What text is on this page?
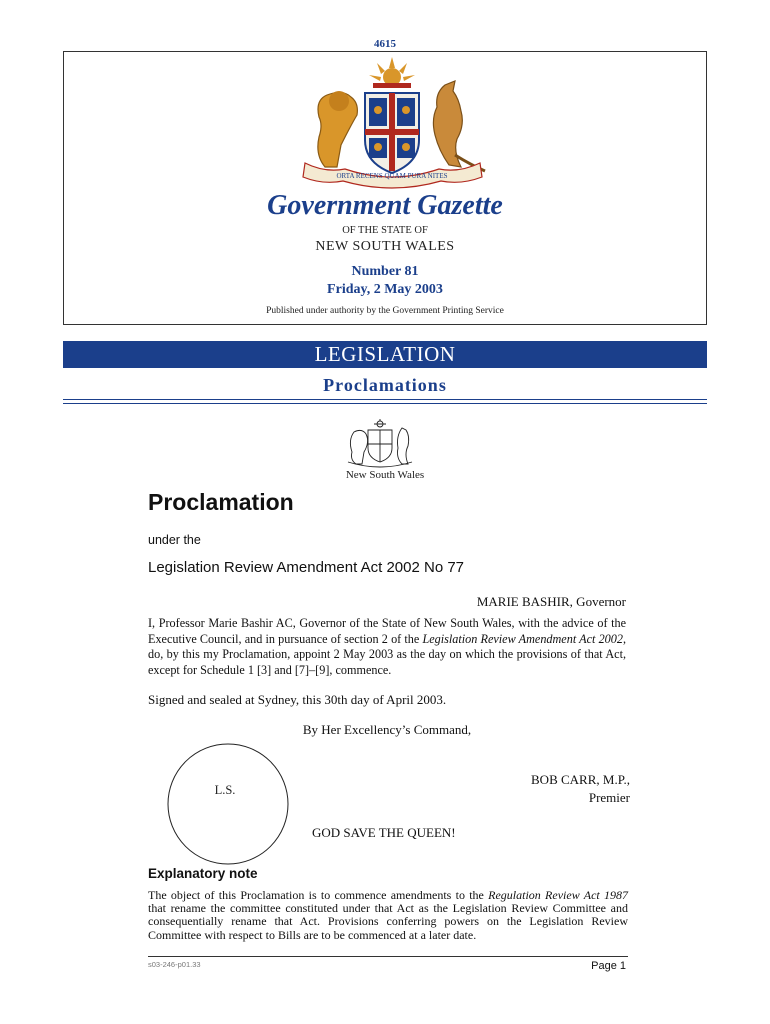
4615
ORTA RECENS QUAM PURA NITES
Government Gazette
OF THE STATE OF
NEW SOUTH WALES
Number 81
Friday, 2 May 2003
Published under authority by the Government Printing Service
LEGISLATION
Proclamations
New South Wales
Proclamation
under the
Legislation Review Amendment Act 2002 No 77
MARIE BASHIR, Governor
I, Professor Marie Bashir AC, Governor of the State of New South Wales, with the advice of the Executive Council, and in pursuance of section 2 of the Legislation Review Amendment Act 2002, do, by this my Proclamation, appoint 2 May 2003 as the day on which the provisions of that Act, except for Schedule 1 [3] and [7]–[9], commence.
Signed and sealed at Sydney, this 30th day of April 2003.
By Her Excellency’s Command,
L.S.
BOB CARR, M.P.,
Premier
GOD SAVE THE QUEEN!
Explanatory note
The object of this Proclamation is to commence amendments to the Regulation Review Act 1987 that rename the committee constituted under that Act as the Legislation Review Committee and consequentially rename that Act. Provisions conferring powers on the Legislation Review Committee with respect to Bills are to be commenced at a later date.
s03-246-p01.33	Page 1
